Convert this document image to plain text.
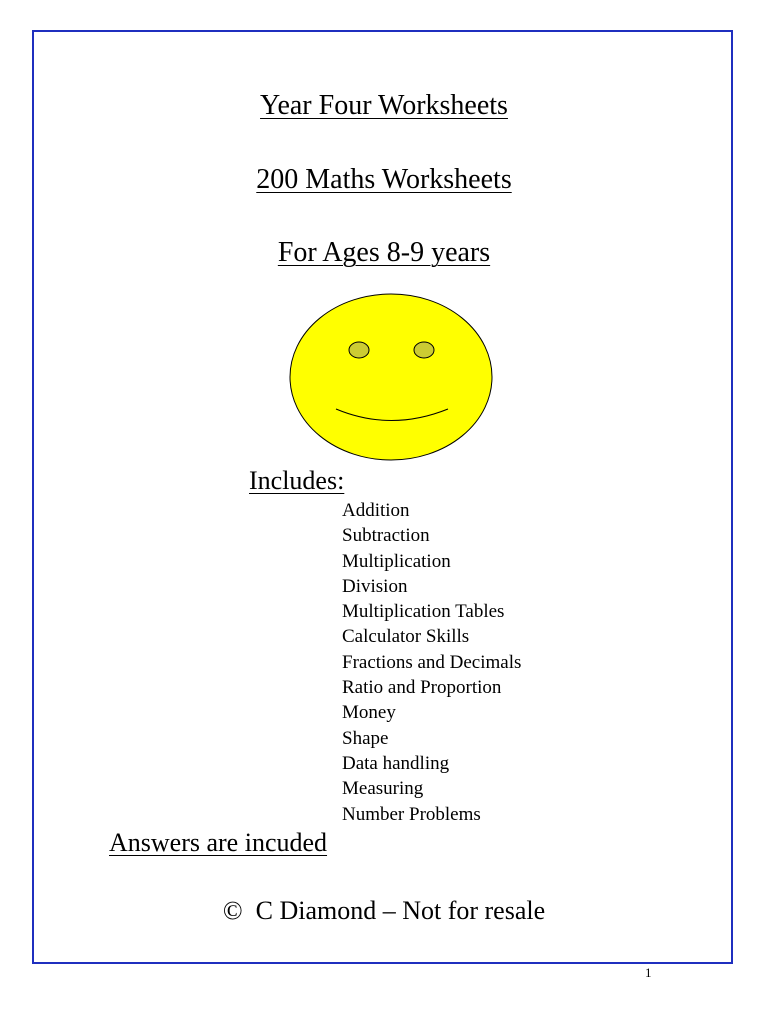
Year Four Worksheets
200 Maths Worksheets
For Ages 8-9 years
Includes:
Addition
Subtraction
Multiplication
Division
Multiplication Tables
Calculator Skills
Fractions and Decimals
Ratio and Proportion
Money
Shape
Data handling
Measuring
Number Problems
Answers are incuded
©  C Diamond – Not for resale
1
